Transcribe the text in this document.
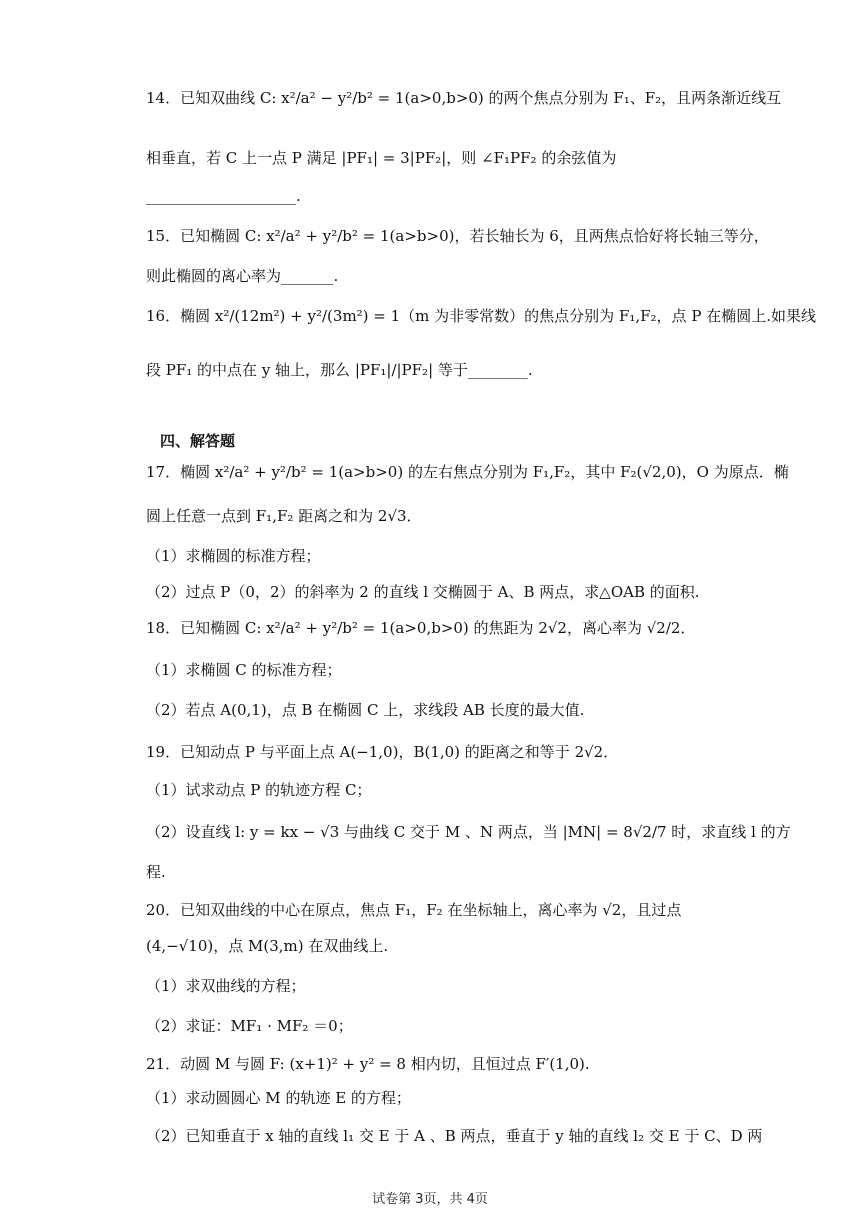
14．已知双曲线 C: x²/a² − y²/b² = 1(a>0,b>0) 的两个焦点分别为 F₁、F₂，且两条渐近线互
相垂直，若 C 上一点 P 满足 |PF₁| = 3|PF₂|，则 ∠F₁PF₂ 的余弦值为
____________________.
15．已知椭圆 C: x²/a² + y²/b² = 1(a>b>0)，若长轴长为 6，且两焦点恰好将长轴三等分，
则此椭圆的离心率为_______.
16．椭圆 x²/(12m²) + y²/(3m²) = 1（m 为非零常数）的焦点分别为 F₁,F₂，点 P 在椭圆上.如果线
段 PF₁ 的中点在 y 轴上，那么 |PF₁|/|PF₂| 等于________.
四、解答题
17．椭圆 x²/a² + y²/b² = 1(a>b>0) 的左右焦点分别为 F₁,F₂，其中 F₂(√2,0)，O 为原点．椭
圆上任意一点到 F₁,F₂ 距离之和为 2√3．
（1）求椭圆的标准方程；
（2）过点 P（0，2）的斜率为 2 的直线 l 交椭圆于 A、B 两点，求△OAB 的面积.
18．已知椭圆 C: x²/a² + y²/b² = 1(a>0,b>0) 的焦距为 2√2，离心率为 √2/2．
（1）求椭圆 C 的标准方程；
（2）若点 A(0,1)，点 B 在椭圆 C 上，求线段 AB 长度的最大值.
19．已知动点 P 与平面上点 A(−1,0)，B(1,0) 的距离之和等于 2√2．
（1）试求动点 P 的轨迹方程 C；
（2）设直线 l: y = kx − √3 与曲线 C 交于 M 、N 两点，当 |MN| = 8√2/7 时，求直线 l 的方
程.
20．已知双曲线的中心在原点，焦点 F₁，F₂ 在坐标轴上，离心率为 √2，且过点
(4,−√10)，点 M(3,m) 在双曲线上.
（1）求双曲线的方程；
（2）求证：MF₁ · MF₂ ＝0；
21．动圆 M 与圆 F: (x+1)² + y² = 8 相内切，且恒过点 F′(1,0).
（1）求动圆圆心 M 的轨迹 E 的方程；
（2）已知垂直于 x 轴的直线 l₁ 交 E 于 A 、B 两点，垂直于 y 轴的直线 l₂ 交 E 于 C、D 两
试卷第 3页，共 4页
